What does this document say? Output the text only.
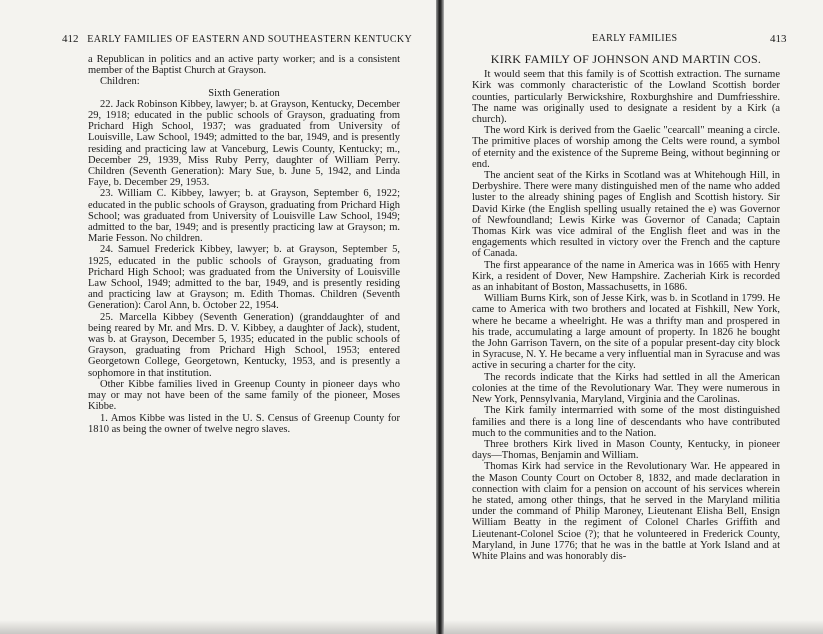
412 EARLY FAMILIES OF EASTERN AND SOUTHEASTERN KENTUCKY

a Republican in politics and an active party worker; and is a consistent member of the Baptist Church at Grayson.

Children:

Sixth Generation

22. Jack Robinson Kibbey, lawyer; b. at Grayson, Kentucky, December 29, 1918; educated in the public schools of Grayson, graduating from Prichard High School, 1937; was graduated from University of Louisville, Law School, 1949; admitted to the bar, 1949, and is presently residing and practicing law at Vanceburg, Lewis County, Kentucky; m., December 29, 1939, Miss Ruby Perry, daughter of William Perry. Children (Seventh Generation): Mary Sue, b. June 5, 1942, and Linda Faye, b. December 29, 1953.

23. William C. Kibbey, lawyer; b. at Grayson, September 6, 1922; educated in the public schools of Grayson, graduating from Prichard High School; was graduated from University of Louisville Law School, 1949; admitted to the bar, 1949; and is presently practicing law at Grayson; m. Marie Fesson. No children.

24. Samuel Frederick Kibbey, lawyer; b. at Grayson, September 5, 1925, educated in the public schools of Grayson, graduating from Prichard High School; was graduated from the University of Louisville Law School, 1949; admitted to the bar, 1949, and is presently residing and practicing law at Grayson; m. Edith Thomas. Children (Seventh Generation): Carol Ann, b. October 22, 1954.

25. Marcella Kibbey (Seventh Generation) (granddaughter of and being reared by Mr. and Mrs. D. V. Kibbey, a daughter of Jack), student, was b. at Grayson, December 5, 1935; educated in the public schools of Grayson, graduating from Prichard High School, 1953; entered Georgetown College, Georgetown, Kentucky, 1953, and is presently a sophomore in that institution.

Other Kibbe families lived in Greenup County in pioneer days who may or may not have been of the same family of the pioneer, Moses Kibbe.

1. Amos Kibbe was listed in the U. S. Census of Greenup County for 1810 as being the owner of twelve negro slaves.

EARLY FAMILIES	413

KIRK FAMILY OF JOHNSON AND MARTIN COS.

It would seem that this family is of Scottish extraction. The surname Kirk was commonly characteristic of the Lowland Scottish border counties, particularly Berwickshire, Roxburghshire and Dumfriesshire. The name was originally used to designate a resident by a Kirk (a church).

The word Kirk is derived from the Gaelic "cearcall" meaning a circle. The primitive places of worship among the Celts were round, a symbol of eternity and the existence of the Supreme Being, without beginning or end.

The ancient seat of the Kirks in Scotland was at Whitehough Hill, in Derbyshire. There were many distinguished men of the name who added luster to the already shining pages of English and Scottish history. Sir David Kirke (the English spelling usually retained the e) was Governor of Newfoundland; Lewis Kirke was Governor of Canada; Captain Thomas Kirk was vice admiral of the English fleet and was in the engagements which resulted in victory over the French and the capture of Canada.

The first appearance of the name in America was in 1665 with Henry Kirk, a resident of Dover, New Hampshire. Zacheriah Kirk is recorded as an inhabitant of Boston, Massachusetts, in 1686.

William Burns Kirk, son of Jesse Kirk, was b. in Scotland in 1799. He came to America with two brothers and located at Fishkill, New York, where he became a wheelright. He was a thrifty man and prospered in his trade, accumulating a large amount of property. In 1826 he bought the John Garrison Tavern, on the site of a popular present-day city block in Syracuse, N. Y. He became a very influential man in Syracuse and was active in securing a charter for the city.

The records indicate that the Kirks had settled in all the American colonies at the time of the Revolutionary War. They were numerous in New York, Pennsylvania, Maryland, Virginia and the Carolinas.

The Kirk family intermarried with some of the most distinguished families and there is a long line of descendants who have contributed much to the communities and to the Nation.

Three brothers Kirk lived in Mason County, Kentucky, in pioneer days—Thomas, Benjamin and William.

Thomas Kirk had service in the Revolutionary War. He appeared in the Mason County Court on October 8, 1832, and made declaration in connection with claim for a pension on account of his services wherein he stated, among other things, that he served in the Maryland militia under the command of Philip Maroney, Lieutenant Elisha Bell, Ensign William Beatty in the regiment of Colonel Charles Griffith and Lieutenant-Colonel Scioe (?); that he volunteered in Frederick County, Maryland, in June 1776; that he was in the battle at York Island and at White Plains and was honorably dis-
